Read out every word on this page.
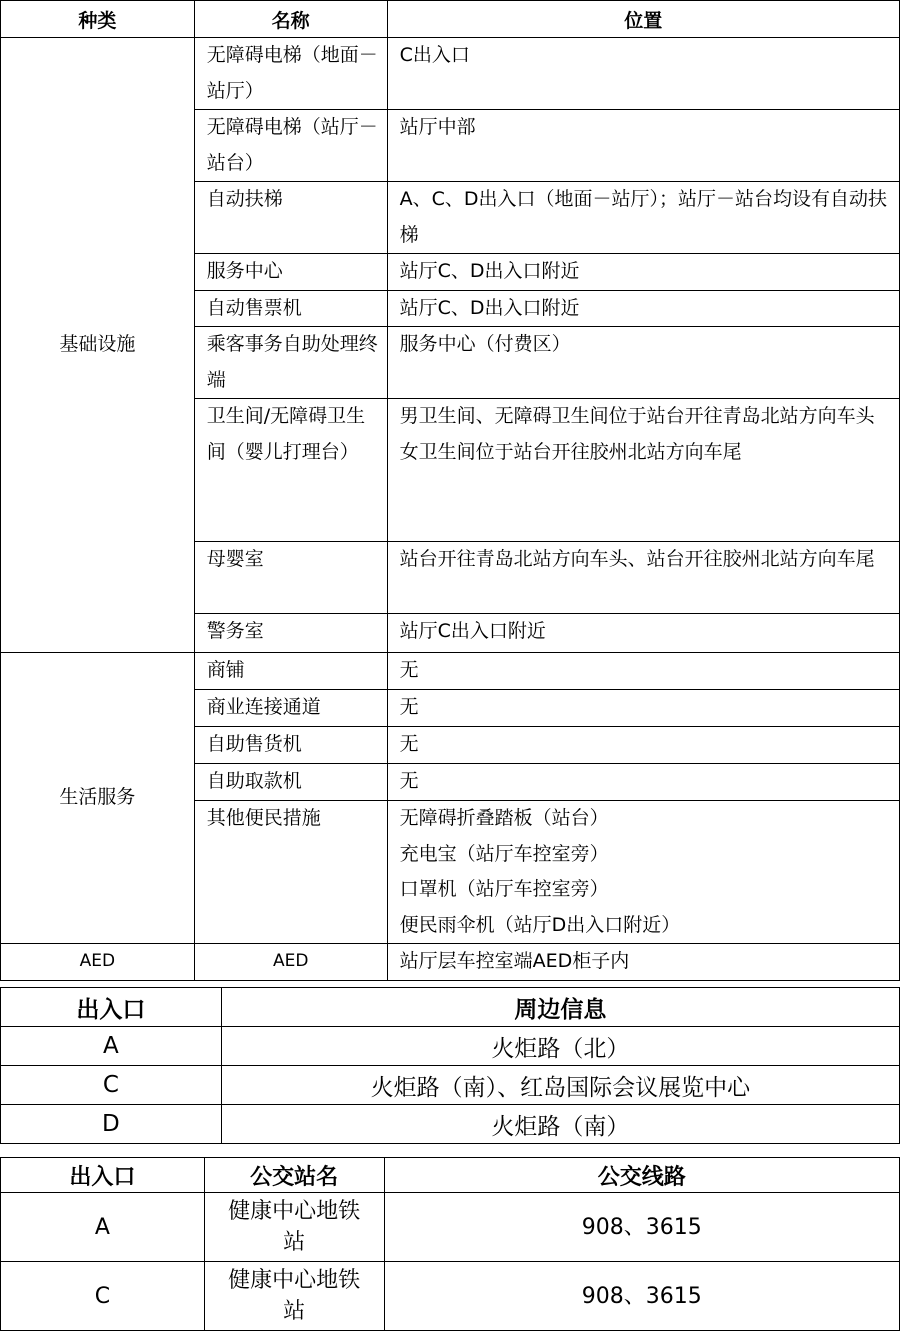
种类	名称	位置
基础设施	无障碍电梯（地面－站厅）	C出入口
	无障碍电梯（站厅－站台）	站厅中部
	自动扶梯	A、C、D出入口（地面－站厅）；站厅－站台均设有自动扶梯
	服务中心	站厅C、D出入口附近
	自动售票机	站厅C、D出入口附近
	乘客事务自助处理终端	服务中心（付费区）
	卫生间/无障碍卫生间（婴儿打理台）	男卫生间、无障碍卫生间位于站台开往青岛北站方向车头
女卫生间位于站台开往胶州北站方向车尾
	母婴室	站台开往青岛北站方向车头、站台开往胶州北站方向车尾
	警务室	站厅C出入口附近
生活服务	商铺	无
	商业连接通道	无
	自助售货机	无
	自助取款机	无
	其他便民措施	无障碍折叠踏板（站台）
充电宝（站厅车控室旁）
口罩机（站厅车控室旁）
便民雨伞机（站厅D出入口附近）
AED	AED	站厅层车控室端AED柜子内
出入口	周边信息
A	火炬路（北）
C	火炬路（南）、红岛国际会议展览中心
D	火炬路（南）
出入口	公交站名	公交线路
A	健康中心地铁站	908、3615
C	健康中心地铁站	908、3615
